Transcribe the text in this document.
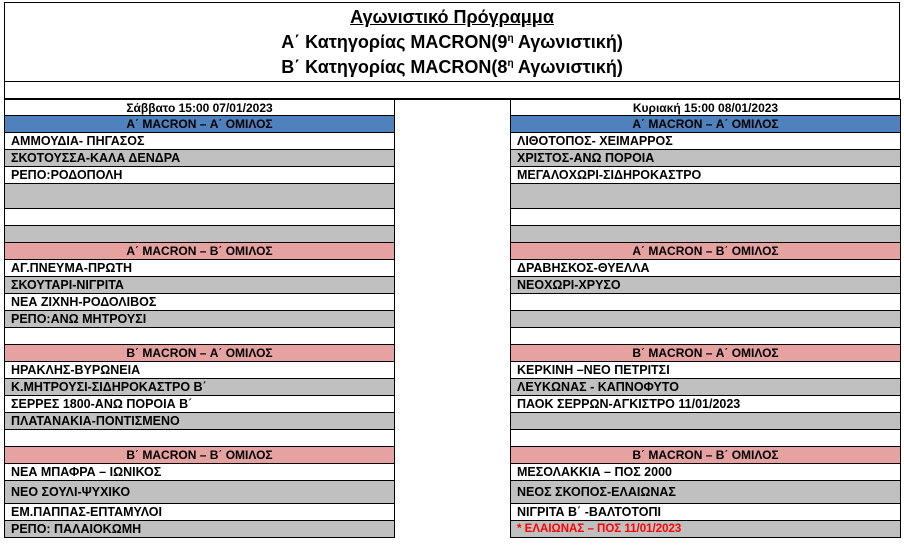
Αγωνιστικό Πρόγραμμα
Α΄ Κατηγορίας $MACRON(9^\eta$ Αγωνιστική)
Β΄ Κατηγορίας $MACRON(8^\eta$ Αγωνιστική)
Σάββατο 15:00 07/01/2023
Α΄ MACRON – Α΄ ΟΜΙΛΟΣ
ΑΜΜΟΥΔΙΑ- ΠΗΓΑΣΟΣ
ΣΚΟΤΟΥΣΣΑ-ΚΑΛΑ ΔΕΝΔΡΑ
ΡΕΠΟ:ΡΟΔΟΠΟΛΗ
Α΄ MACRON – Β΄ ΟΜΙΛΟΣ
ΑΓ.ΠΝΕΥΜΑ-ΠΡΩΤΗ
ΣΚΟΥΤΑΡΙ-ΝΙΓΡΙΤΑ
ΝΕΑ ΖΙΧΝΗ-ΡΟΔΟΛΙΒΟΣ
ΡΕΠΟ:ΑΝΩ ΜΗΤΡΟΥΣΙ
Β΄ MACRON – Α΄ ΟΜΙΛΟΣ
ΗΡΑΚΛΗΣ-ΒΥΡΩΝΕΙΑ
Κ.ΜΗΤΡΟΥΣΙ-ΣΙΔΗΡΟΚΑΣΤΡΟ Β΄
ΣΕΡΡΕΣ 1800-ΑΝΩ ΠΟΡΟΙΑ Β΄
ΠΛΑΤΑΝΑΚΙΑ-ΠΟΝΤΙΣΜΕΝΟ
Β΄ MACRON – Β΄ ΟΜΙΛΟΣ
ΝΕΑ ΜΠΑΦΡΑ – ΙΩΝΙΚΟΣ
ΝΕΟ ΣΟΥΛΙ-ΨΥΧΙΚΟ
ΕΜ.ΠΑΠΠΑΣ-ΕΠΤΑΜΥΛΟΙ
ΡΕΠΟ: ΠΑΛΑΙΟΚΩΜΗ
Κυριακή 15:00 08/01/2023
Α΄ MACRON – Α΄ ΟΜΙΛΟΣ
ΛΙΘΟΤΟΠΟΣ- ΧΕΙΜΑΡΡΟΣ
ΧΡΙΣΤΟΣ-ΑΝΩ ΠΟΡΟΙΑ
ΜΕΓΑΛΟΧΩΡΙ-ΣΙΔΗΡΟΚΑΣΤΡΟ
Α΄ MACRON – Β΄ ΟΜΙΛΟΣ
ΔΡΑΒΗΣΚΟΣ-ΘΥΕΛΛΑ
ΝΕΟΧΩΡΙ-ΧΡΥΣΟ
Β΄ MACRON – Α΄ ΟΜΙΛΟΣ
ΚΕΡΚΙΝΗ –ΝΕΟ ΠΕΤΡΙΤΣΙ
ΛΕΥΚΩΝΑΣ - ΚΑΠΝΟΦΥΤΟ
ΠΑΟΚ ΣΕΡΡΩΝ-ΑΓΚΙΣΤΡΟ 11/01/2023
Β΄ MACRON – Β΄ ΟΜΙΛΟΣ
ΜΕΣΟΛΑΚΚΙΑ – ΠΟΣ 2000
ΝΕΟΣ ΣΚΟΠΟΣ-ΕΛΑΙΩΝΑΣ
ΝΙΓΡΙΤΑ Β΄ -ΒΑΛΤΟΤΟΠΙ
* ΕΛΑΙΩΝΑΣ – ΠΟΣ 11/01/2023
